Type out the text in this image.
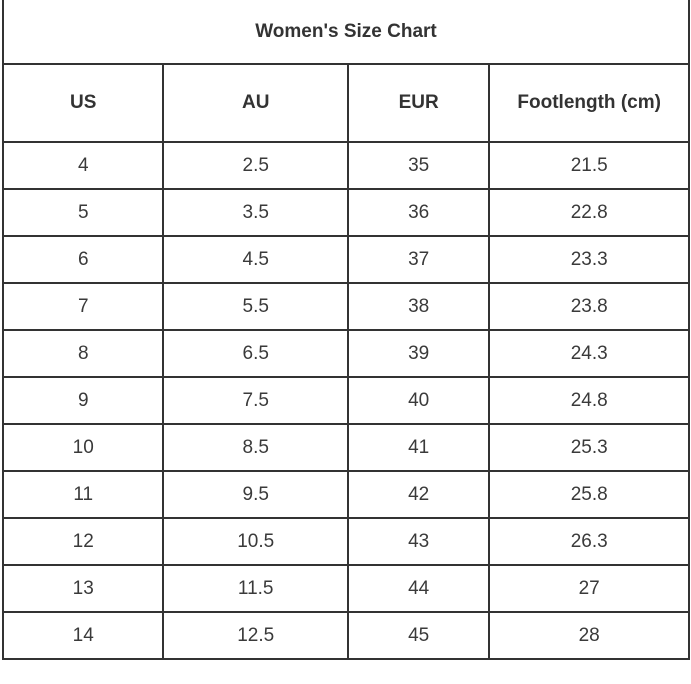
Women's Size Chart			
US	AU	EUR	Footlength (cm)
4	2.5	35	21.5
5	3.5	36	22.8
6	4.5	37	23.3
7	5.5	38	23.8
8	6.5	39	24.3
9	7.5	40	24.8
10	8.5	41	25.3
11	9.5	42	25.8
12	10.5	43	26.3
13	11.5	44	27
14	12.5	45	28
